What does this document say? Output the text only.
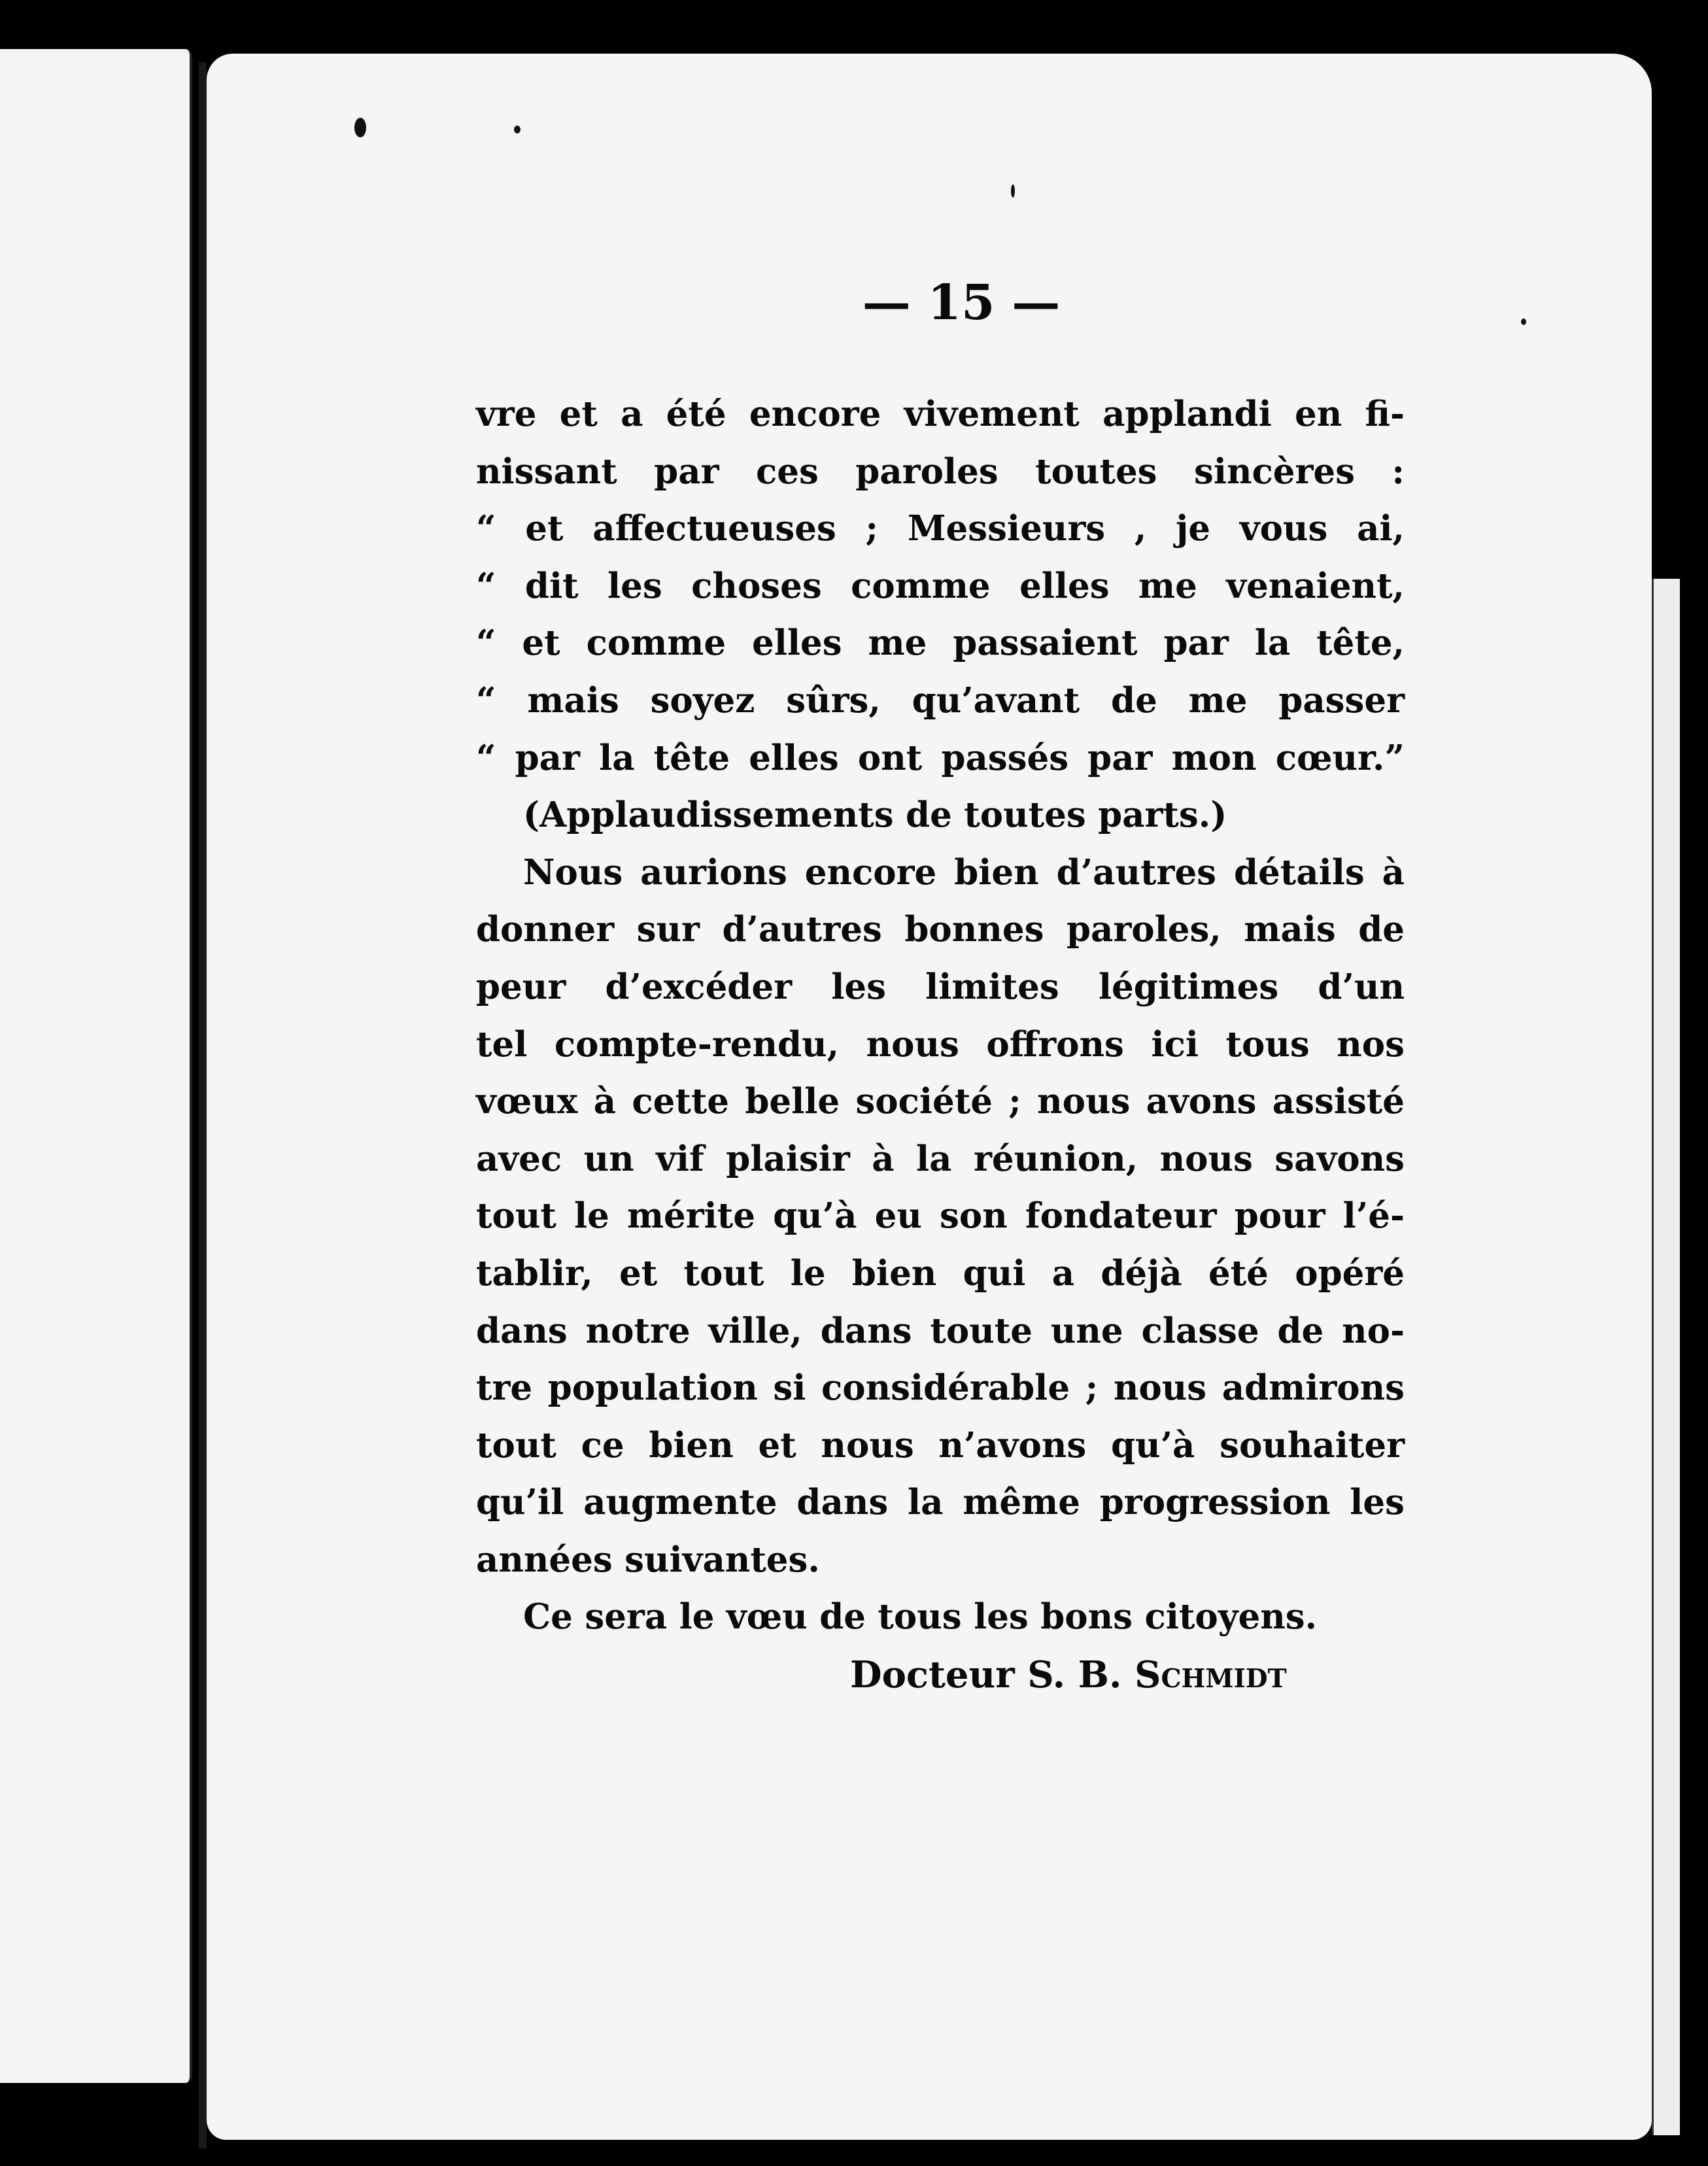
— 15 —
vre et a été encore vivement applandi en fi-
nissant par ces paroles toutes sincères :
“ et affectueuses ; Messieurs , je vous ai,
“ dit les choses comme elles me venaient,
“ et comme elles me passaient par la tête,
“ mais soyez sûrs, qu’avant de me passer
“ par la tête elles ont passés par mon cœur.”
(Applaudissements de toutes parts.)
Nous aurions encore bien d’autres détails à
donner sur d’autres bonnes paroles, mais de
peur d’excéder les limites légitimes d’un
tel compte-rendu, nous offrons ici tous nos
vœux à cette belle société ; nous avons assisté
avec un vif plaisir à la réunion, nous savons
tout le mérite qu’à eu son fondateur pour l’é-
tablir, et tout le bien qui a déjà été opéré
dans notre ville, dans toute une classe de no-
tre population si considérable ; nous admirons
tout ce bien et nous n’avons qu’à souhaiter
qu’il augmente dans la même progression les
années suivantes.
Ce sera le vœu de tous les bons citoyens.
Docteur S. B. Schmidt
